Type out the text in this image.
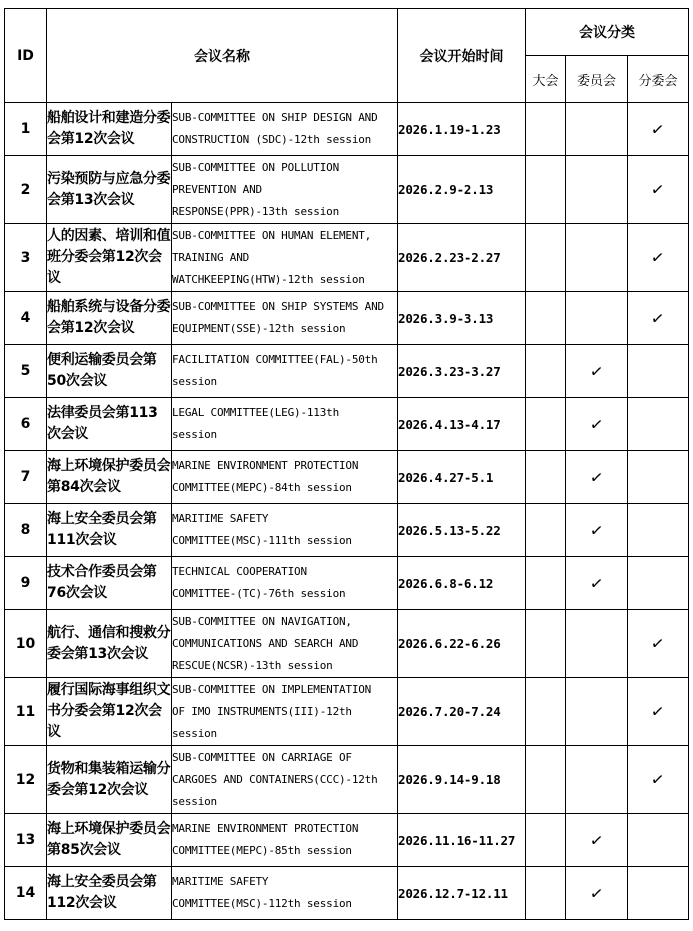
ID	会议名称		会议开始时间	会议分类		
				大会	委员会	分委会
1	船舶设计和建造分委会第12次会议	SUB-COMMITTEE ON SHIP DESIGN AND
CONSTRUCTION (SDC)-12th session	2026.1.19-1.23			✓
2	污染预防与应急分委会第13次会议	SUB-COMMITTEE ON POLLUTION
PREVENTION AND
RESPONSE(PPR)-13th session	2026.2.9-2.13			✓
3	人的因素、培训和值班分委会第12次会议	SUB-COMMITTEE ON HUMAN ELEMENT,
TRAINING AND
WATCHKEEPING(HTW)-12th session	2026.2.23-2.27			✓
4	船舶系统与设备分委会第12次会议	SUB-COMMITTEE ON SHIP SYSTEMS AND
EQUIPMENT(SSE)-12th session	2026.3.9-3.13			✓
5	便利运输委员会第50次会议	FACILITATION COMMITTEE(FAL)-50th
session	2026.3.23-3.27		✓	
6	法律委员会第113次会议	LEGAL COMMITTEE(LEG)-113th
session	2026.4.13-4.17		✓	
7	海上环境保护委员会第84次会议	MARINE ENVIRONMENT PROTECTION
COMMITTEE(MEPC)-84th session	2026.4.27-5.1		✓	
8	海上安全委员会第111次会议	MARITIME SAFETY
COMMITTEE(MSC)-111th session	2026.5.13-5.22		✓	
9	技术合作委员会第76次会议	TECHNICAL COOPERATION
COMMITTEE-(TC)-76th session	2026.6.8-6.12		✓	
10	航行、通信和搜救分委会第13次会议	SUB-COMMITTEE ON NAVIGATION,
COMMUNICATIONS AND SEARCH AND
RESCUE(NCSR)-13th session	2026.6.22-6.26			✓
11	履行国际海事组织文书分委会第12次会议	SUB-COMMITTEE ON IMPLEMENTATION
OF IMO INSTRUMENTS(III)-12th
session	2026.7.20-7.24			✓
12	货物和集装箱运输分委会第12次会议	SUB-COMMITTEE ON CARRIAGE OF
CARGOES AND CONTAINERS(CCC)-12th
session	2026.9.14-9.18			✓
13	海上环境保护委员会第85次会议	MARINE ENVIRONMENT PROTECTION
COMMITTEE(MEPC)-85th session	2026.11.16-11.27		✓	
14	海上安全委员会第112次会议	MARITIME SAFETY
COMMITTEE(MSC)-112th session	2026.12.7-12.11		✓	
